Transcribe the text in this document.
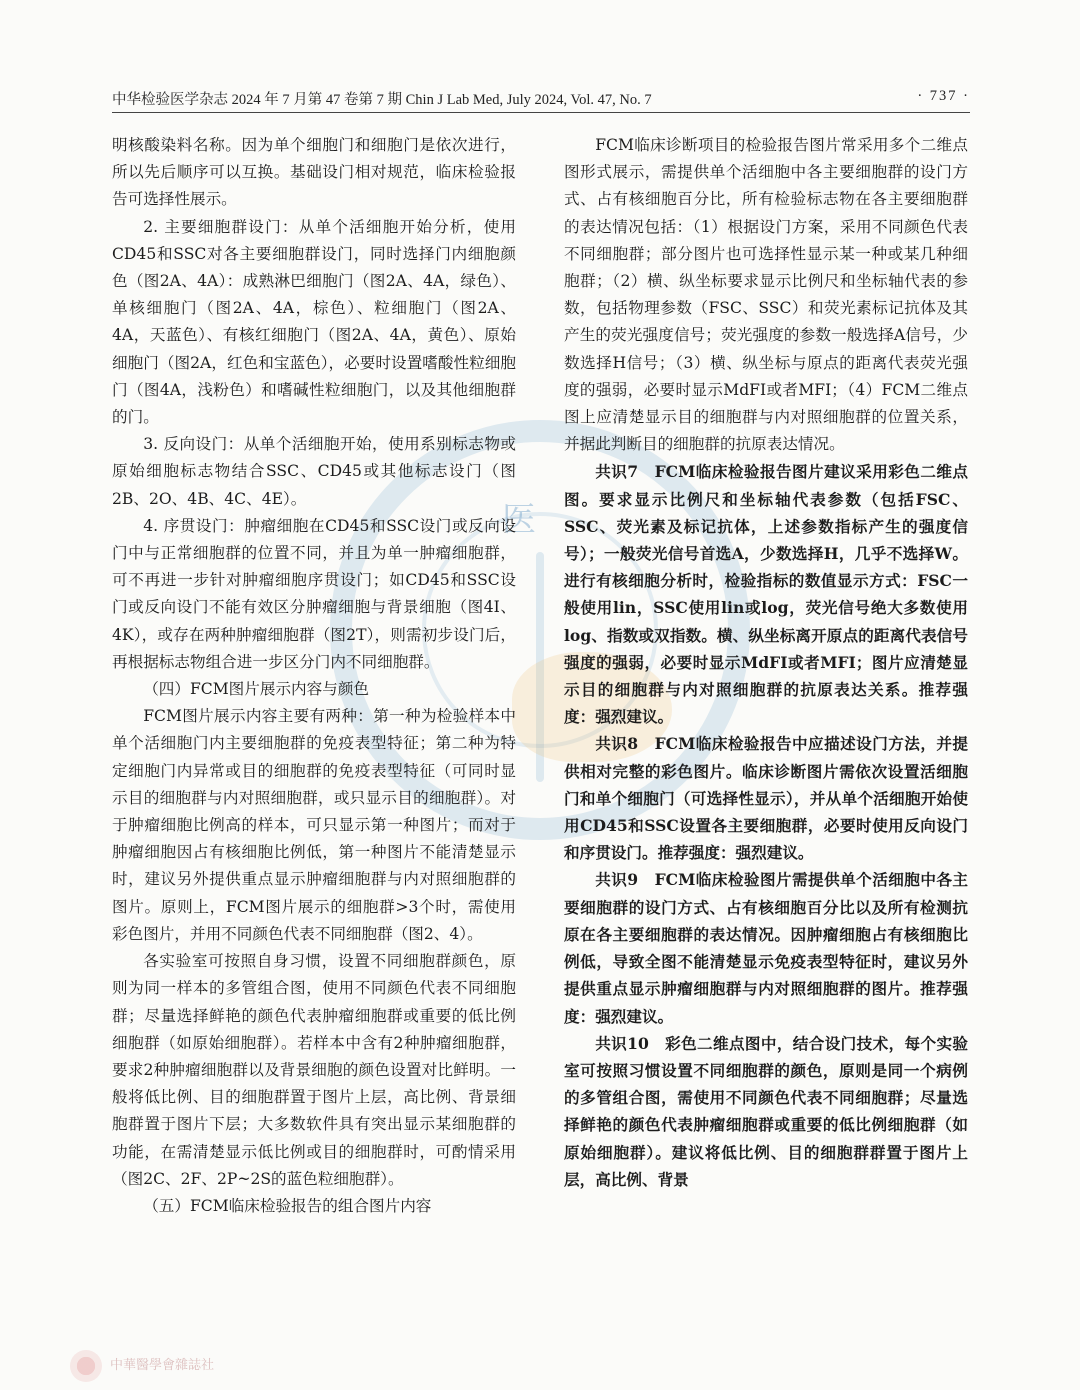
中华检验医学杂志 2024 年 7 月第 47 卷第 7 期 Chin J Lab Med, July 2024, Vol. 47, No. 7	· 737 ·
医

明核酸染料名称。因为单个细胞门和细胞门是依次进行，所以先后顺序可以互换。基础设门相对规范，临床检验报告可选择性展示。

2. 主要细胞群设门：从单个活细胞开始分析，使用CD45和SSC对各主要细胞群设门，同时选择门内细胞颜色（图2A、4A）：成熟淋巴细胞门（图2A、4A，绿色）、单核细胞门（图2A、4A，棕色）、粒细胞门（图2A、4A，天蓝色）、有核红细胞门（图2A、4A，黄色）、原始细胞门（图2A，红色和宝蓝色），必要时设置嗜酸性粒细胞门（图4A，浅粉色）和嗜碱性粒细胞门，以及其他细胞群的门。

3. 反向设门：从单个活细胞开始，使用系别标志物或原始细胞标志物结合SSC、CD45或其他标志设门（图2B、2O、4B、4C、4E）。

4. 序贯设门：肿瘤细胞在CD45和SSC设门或反向设门中与正常细胞群的位置不同，并且为单一肿瘤细胞群，可不再进一步针对肿瘤细胞序贯设门；如CD45和SSC设门或反向设门不能有效区分肿瘤细胞与背景细胞（图4I、4K），或存在两种肿瘤细胞群（图2T），则需初步设门后，再根据标志物组合进一步区分门内不同细胞群。

（四）FCM图片展示内容与颜色

FCM图片展示内容主要有两种：第一种为检验样本中单个活细胞门内主要细胞群的免疫表型特征；第二种为特定细胞门内异常或目的细胞群的免疫表型特征（可同时显示目的细胞群与内对照细胞群，或只显示目的细胞群）。对于肿瘤细胞比例高的样本，可只显示第一种图片；而对于肿瘤细胞因占有核细胞比例低，第一种图片不能清楚显示时，建议另外提供重点显示肿瘤细胞群与内对照细胞群的图片。原则上，FCM图片展示的细胞群>3个时，需使用彩色图片，并用不同颜色代表不同细胞群（图2、4）。

各实验室可按照自身习惯，设置不同细胞群颜色，原则为同一样本的多管组合图，使用不同颜色代表不同细胞群；尽量选择鲜艳的颜色代表肿瘤细胞群或重要的低比例细胞群（如原始细胞群）。若样本中含有2种肿瘤细胞群，要求2种肿瘤细胞群以及背景细胞的颜色设置对比鲜明。一般将低比例、目的细胞群置于图片上层，高比例、背景细胞群置于图片下层；大多数软件具有突出显示某细胞群的功能，在需清楚显示低比例或目的细胞群时，可酌情采用（图2C、2F、2P~2S的蓝色粒细胞群）。

（五）FCM临床检验报告的组合图片内容

FCM临床诊断项目的检验报告图片常采用多个二维点图形式展示，需提供单个活细胞中各主要细胞群的设门方式、占有核细胞百分比，所有检验标志物在各主要细胞群的表达情况包括：（1）根据设门方案，采用不同颜色代表不同细胞群；部分图片也可选择性显示某一种或某几种细胞群；（2）横、纵坐标要求显示比例尺和坐标轴代表的参数，包括物理参数（FSC、SSC）和荧光素标记抗体及其产生的荧光强度信号；荧光强度的参数一般选择A信号，少数选择H信号；（3）横、纵坐标与原点的距离代表荧光强度的强弱，必要时显示MdFI或者MFI；（4）FCM二维点图上应清楚显示目的细胞群与内对照细胞群的位置关系，并据此判断目的细胞群的抗原表达情况。

共识7　FCM临床检验报告图片建议采用彩色二维点图。要求显示比例尺和坐标轴代表参数（包括FSC、SSC、荧光素及标记抗体，上述参数指标产生的强度信号）；一般荧光信号首选A，少数选择H，几乎不选择W。进行有核细胞分析时，检验指标的数值显示方式：FSC一般使用lin，SSC使用lin或log，荧光信号绝大多数使用log、指数或双指数。横、纵坐标离开原点的距离代表信号强度的强弱，必要时显示MdFI或者MFI；图片应清楚显示目的细胞群与内对照细胞群的抗原表达关系。推荐强度：强烈建议。

共识8　FCM临床检验报告中应描述设门方法，并提供相对完整的彩色图片。临床诊断图片需依次设置活细胞门和单个细胞门（可选择性显示），并从单个活细胞开始使用CD45和SSC设置各主要细胞群，必要时使用反向设门和序贯设门。推荐强度：强烈建议。

共识9　FCM临床检验图片需提供单个活细胞中各主要细胞群的设门方式、占有核细胞百分比以及所有检测抗原在各主要细胞群的表达情况。因肿瘤细胞占有核细胞比例低，导致全图不能清楚显示免疫表型特征时，建议另外提供重点显示肿瘤细胞群与内对照细胞群的图片。推荐强度：强烈建议。

共识10　彩色二维点图中，结合设门技术，每个实验室可按照习惯设置不同细胞群的颜色，原则是同一个病例的多管组合图，需使用不同颜色代表不同细胞群；尽量选择鲜艳的颜色代表肿瘤细胞群或重要的低比例细胞群（如原始细胞群）。建议将低比例、目的细胞群群置于图片上层，高比例、背景

中華醫學會雜誌社
